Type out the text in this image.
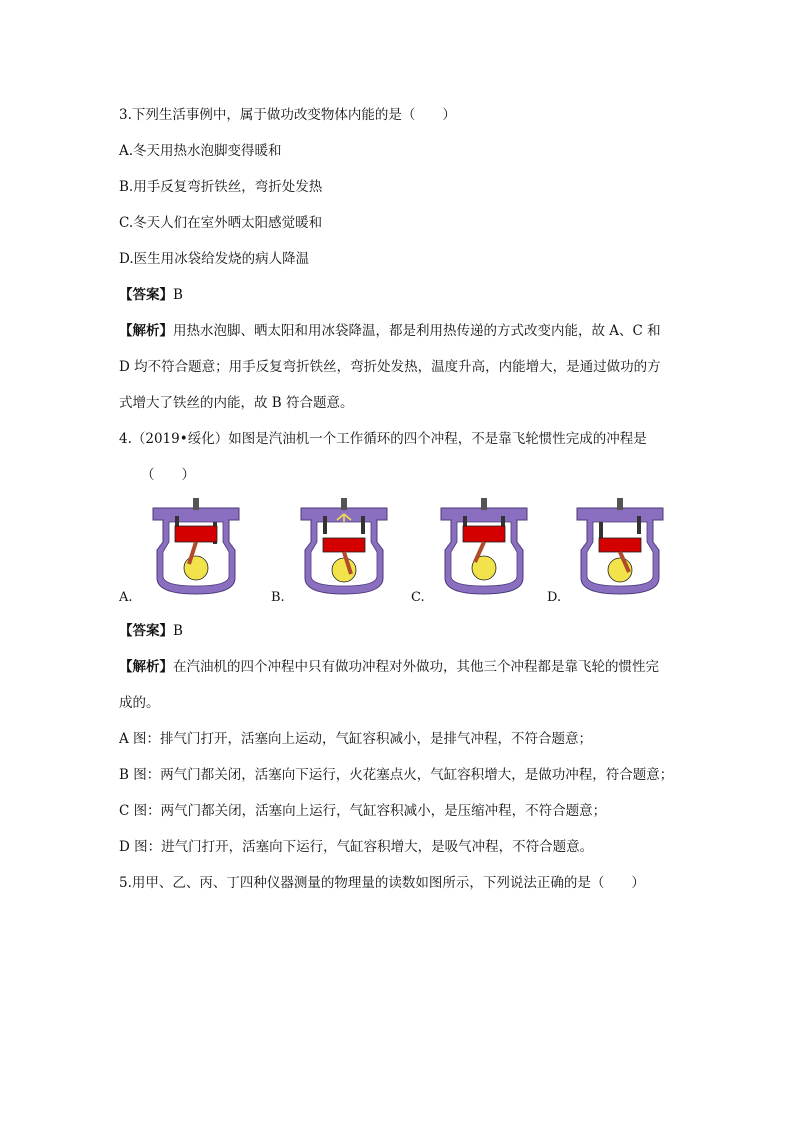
3.下列生活事例中，属于做功改变物体内能的是（　　）
A.冬天用热水泡脚变得暖和
B.用手反复弯折铁丝，弯折处发热
C.冬天人们在室外晒太阳感觉暖和
D.医生用冰袋给发烧的病人降温
【答案】B
【解析】用热水泡脚、晒太阳和用冰袋降温，都是利用热传递的方式改变内能，故 A、C 和
D 均不符合题意；用手反复弯折铁丝，弯折处发热，温度升高，内能增大，是通过做功的方
式增大了铁丝的内能，故 B 符合题意。
4.（2019•绥化）如图是汽油机一个工作循环的四个冲程，不是靠飞轮惯性完成的冲程是
（　　）
A.	B.	C.	D.
【答案】B
【解析】在汽油机的四个冲程中只有做功冲程对外做功，其他三个冲程都是靠飞轮的惯性完
成的。
A 图：排气门打开，活塞向上运动，气缸容积减小，是排气冲程，不符合题意；
B 图：两气门都关闭，活塞向下运行，火花塞点火，气缸容积增大，是做功冲程，符合题意；
C 图：两气门都关闭，活塞向上运行，气缸容积减小，是压缩冲程，不符合题意；
D 图：进气门打开，活塞向下运行，气缸容积增大，是吸气冲程，不符合题意。
5.用甲、乙、丙、丁四种仪器测量的物理量的读数如图所示，下列说法正确的是（　　）
